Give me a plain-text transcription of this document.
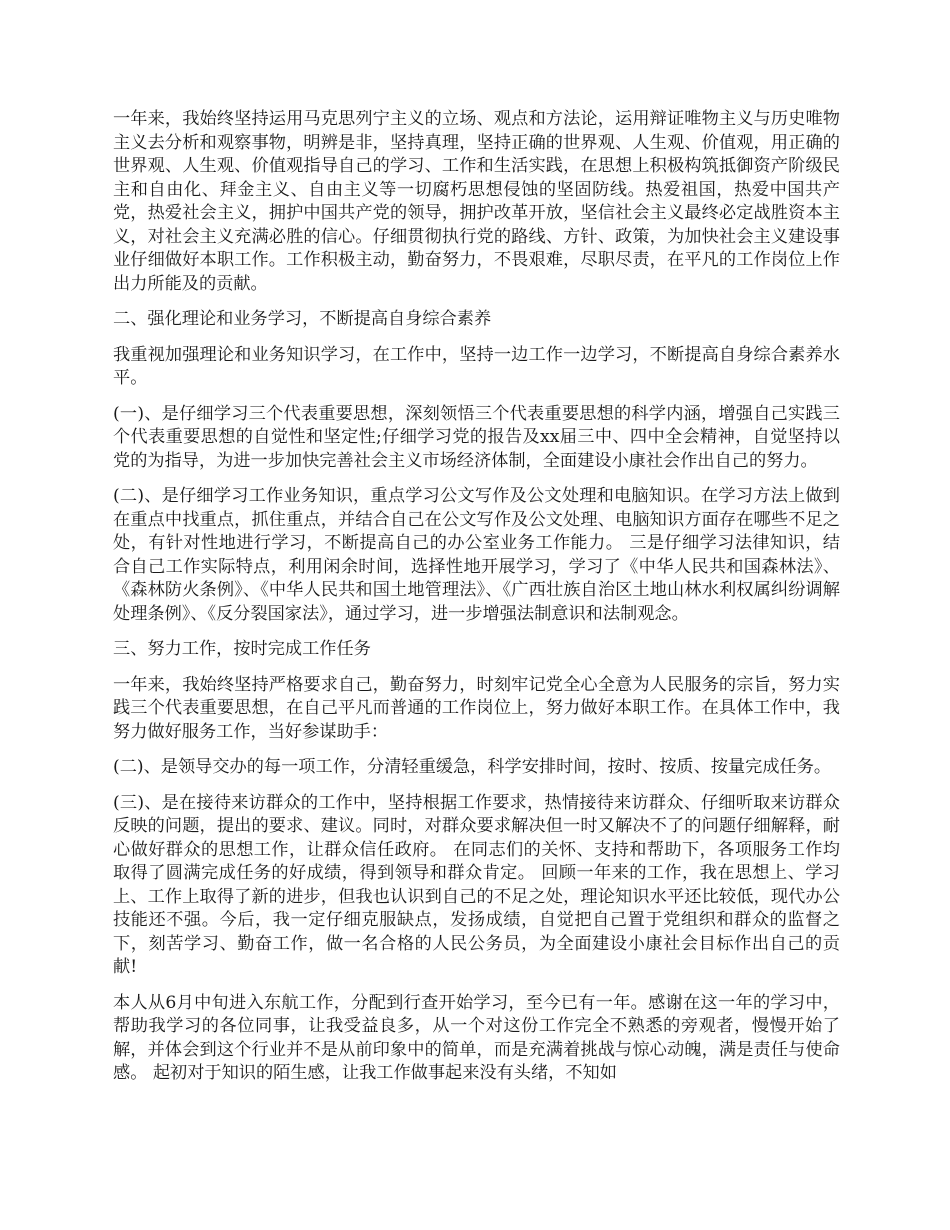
一年来，我始终坚持运用马克思列宁主义的立场、观点和方法论，运用辩证唯物主义与历史唯物主义去分析和观察事物，明辨是非，坚持真理，坚持正确的世界观、人生观、价值观，用正确的世界观、人生观、价值观指导自己的学习、工作和生活实践，在思想上积极构筑抵御资产阶级民主和自由化、拜金主义、自由主义等一切腐朽思想侵蚀的坚固防线。热爱祖国，热爱中国共产党，热爱社会主义，拥护中国共产党的领导，拥护改革开放，坚信社会主义最终必定战胜资本主义，对社会主义充满必胜的信心。仔细贯彻执行党的路线、方针、政策，为加快社会主义建设事业仔细做好本职工作。工作积极主动，勤奋努力，不畏艰难，尽职尽责，在平凡的工作岗位上作出力所能及的贡献。

二、强化理论和业务学习，不断提高自身综合素养

我重视加强理论和业务知识学习，在工作中，坚持一边工作一边学习，不断提高自身综合素养水平。

(一)、是仔细学习三个代表重要思想，深刻领悟三个代表重要思想的科学内涵，增强自己实践三个代表重要思想的自觉性和坚定性;仔细学习党的报告及xx届三中、四中全会精神，自觉坚持以党的为指导，为进一步加快完善社会主义市场经济体制，全面建设小康社会作出自己的努力。

(二)、是仔细学习工作业务知识，重点学习公文写作及公文处理和电脑知识。在学习方法上做到在重点中找重点，抓住重点，并结合自己在公文写作及公文处理、电脑知识方面存在哪些不足之处，有针对性地进行学习，不断提高自己的办公室业务工作能力。 三是仔细学习法律知识，结合自己工作实际特点，利用闲余时间，选择性地开展学习，学习了《中华人民共和国森林法》、《森林防火条例》、《中华人民共和国土地管理法》、《广西壮族自治区土地山林水利权属纠纷调解处理条例》、《反分裂国家法》，通过学习，进一步增强法制意识和法制观念。

三、努力工作，按时完成工作任务

一年来，我始终坚持严格要求自己，勤奋努力，时刻牢记党全心全意为人民服务的宗旨，努力实践三个代表重要思想，在自己平凡而普通的工作岗位上，努力做好本职工作。在具体工作中，我努力做好服务工作，当好参谋助手：

(二)、是领导交办的每一项工作，分清轻重缓急，科学安排时间，按时、按质、按量完成任务。

(三)、是在接待来访群众的工作中，坚持根据工作要求，热情接待来访群众、仔细听取来访群众反映的问题，提出的要求、建议。同时，对群众要求解决但一时又解决不了的问题仔细解释，耐心做好群众的思想工作，让群众信任政府。 在同志们的关怀、支持和帮助下，各项服务工作均取得了圆满完成任务的好成绩，得到领导和群众肯定。 回顾一年来的工作，我在思想上、学习上、工作上取得了新的进步，但我也认识到自己的不足之处，理论知识水平还比较低，现代办公技能还不强。今后，我一定仔细克服缺点，发扬成绩，自觉把自己置于党组织和群众的监督之下，刻苦学习、勤奋工作，做一名合格的人民公务员，为全面建设小康社会目标作出自己的贡献!

本人从6月中旬进入东航工作，分配到行查开始学习，至今已有一年。感谢在这一年的学习中，帮助我学习的各位同事，让我受益良多，从一个对这份工作完全不熟悉的旁观者，慢慢开始了解，并体会到这个行业并不是从前印象中的简单，而是充满着挑战与惊心动魄，满是责任与使命感。 起初对于知识的陌生感，让我工作做事起来没有头绪，不知如
